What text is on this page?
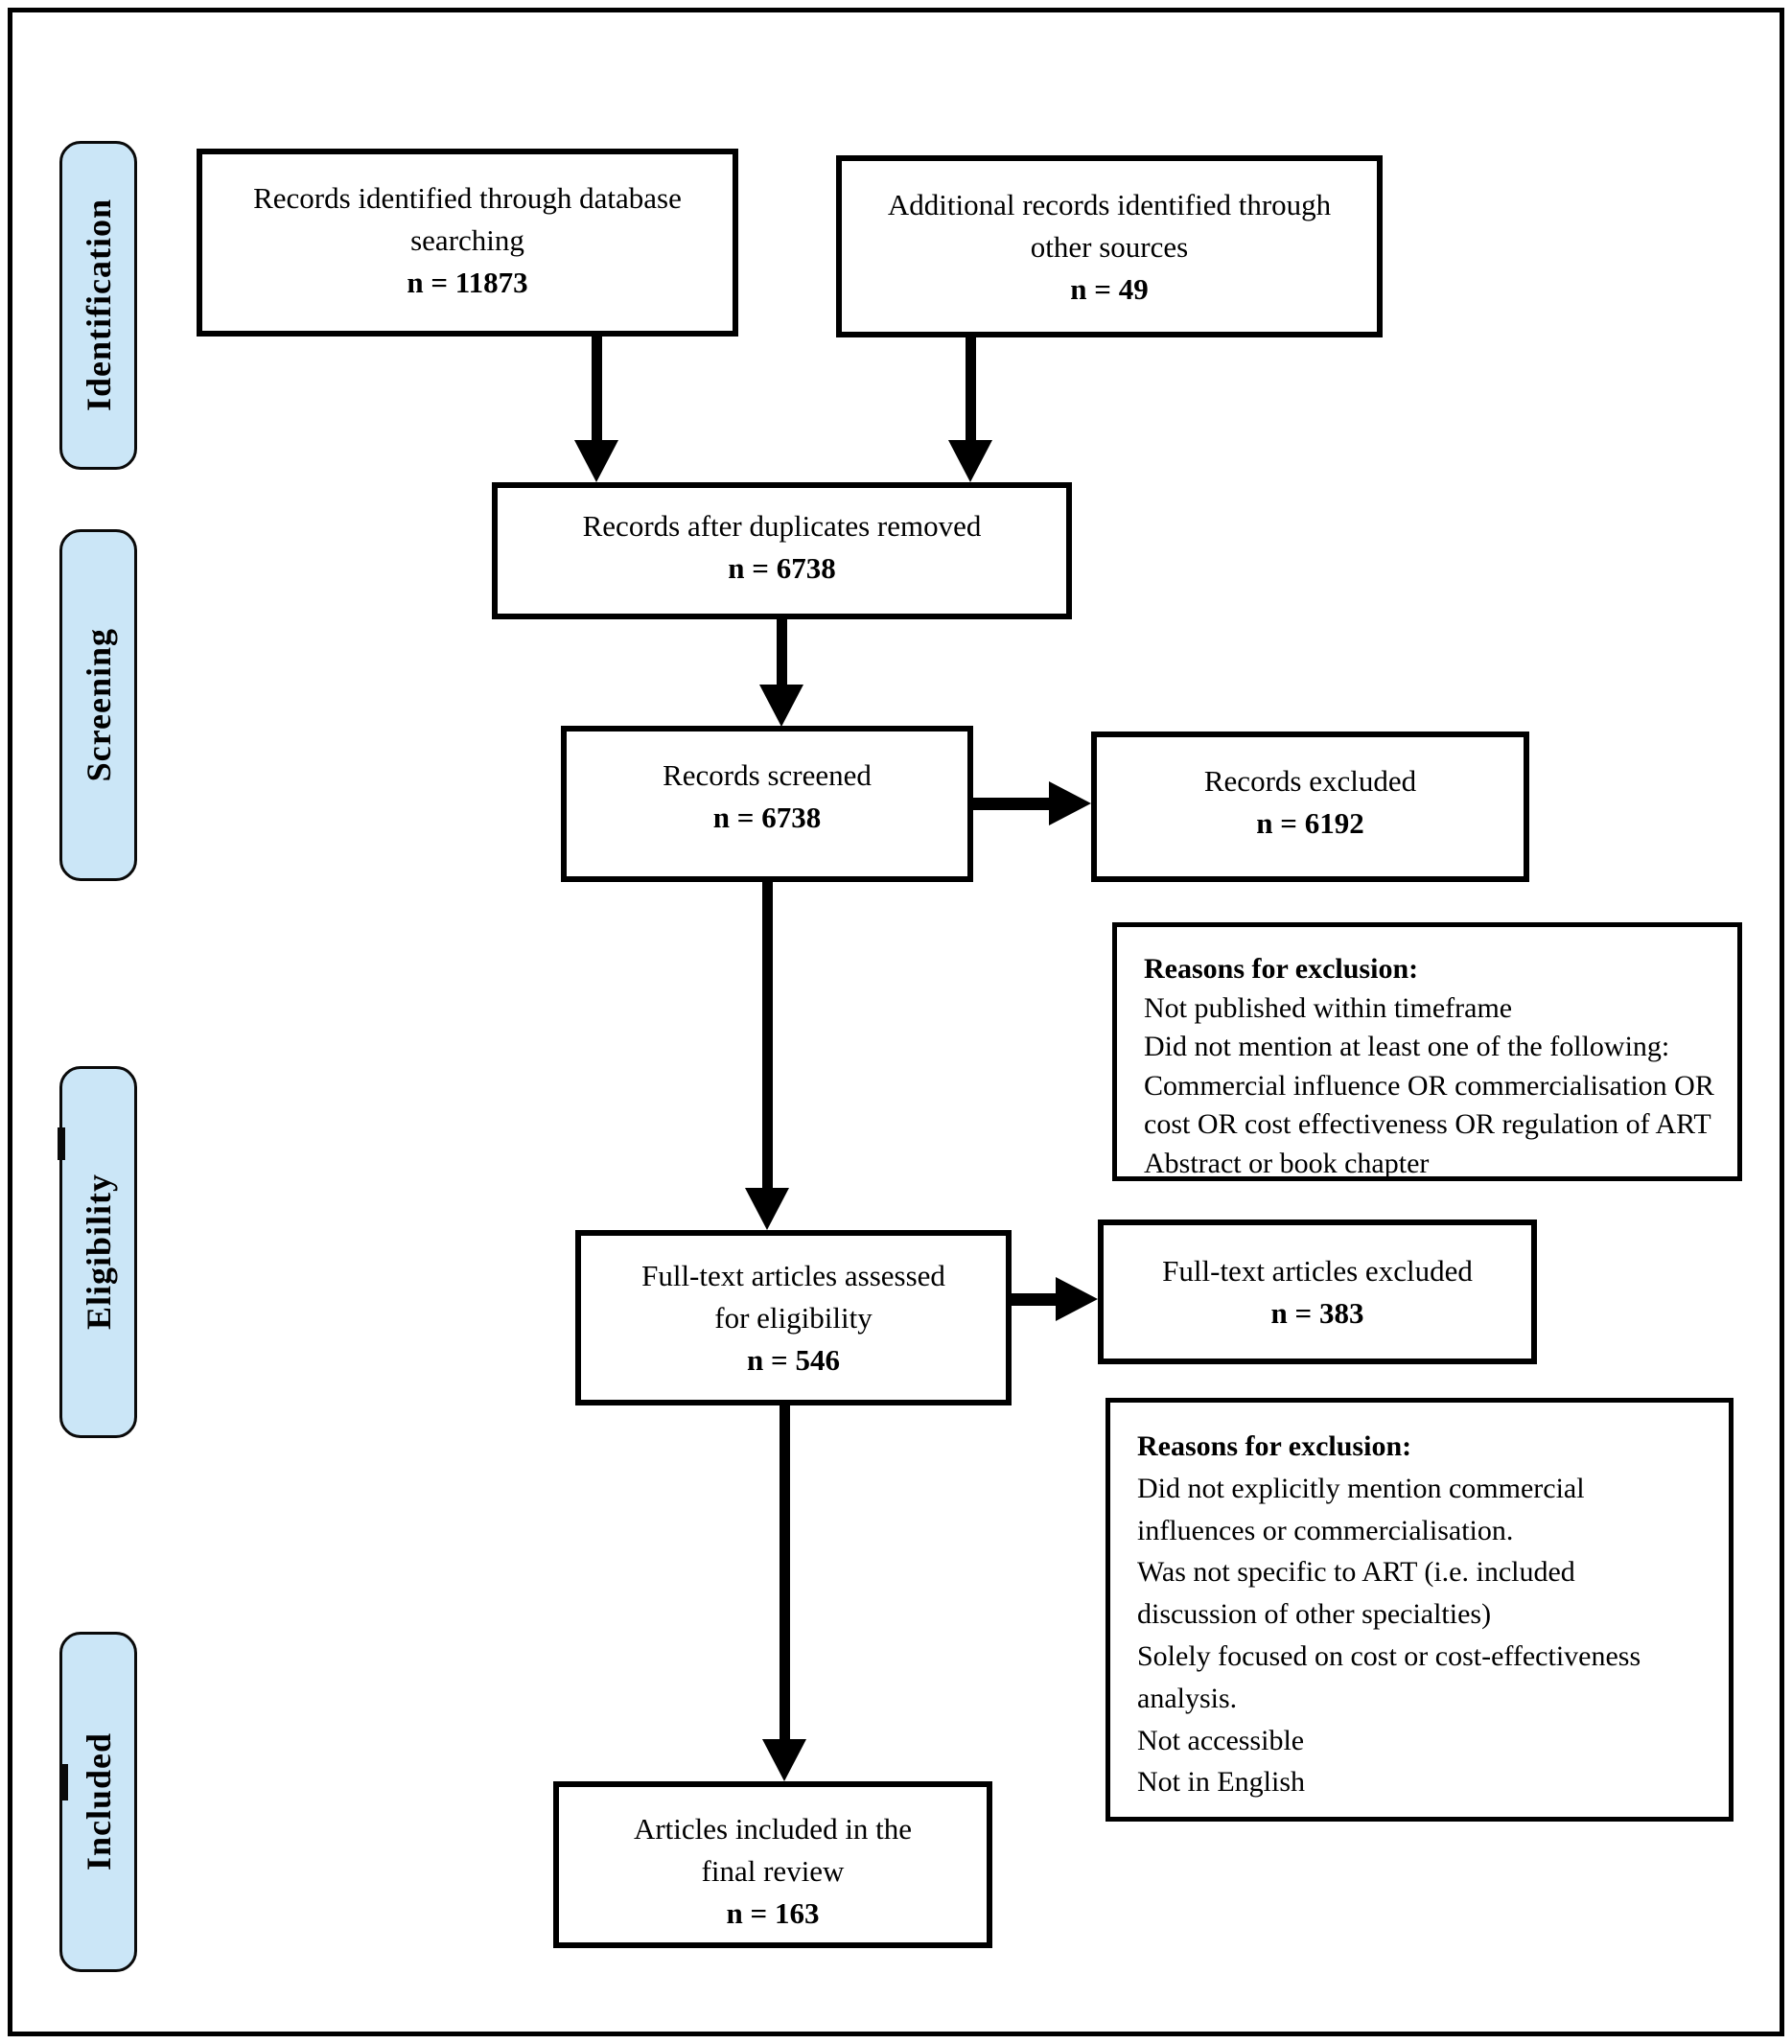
Identification
Screening
Eligibility
Included
Records identified through database
searching
n = 11873
Additional records identified through
other sources
n = 49
Records after duplicates removed
n = 6738
Records screened
n = 6738
Records excluded
n = 6192
Reasons for exclusion:
Not published within timeframe
Did not mention at least one of the following:
Commercial influence OR commercialisation OR
cost OR cost effectiveness OR regulation of ART
Abstract or book chapter
Full-text articles assessed
for eligibility
n = 546
Full-text articles excluded
n = 383
Reasons for exclusion:
Did not explicitly mention commercial
influences or commercialisation.
Was not specific to ART (i.e. included
discussion of other specialties)
Solely focused on cost or cost-effectiveness
analysis.
Not accessible
Not in English
Articles included in the
final review
n = 163
